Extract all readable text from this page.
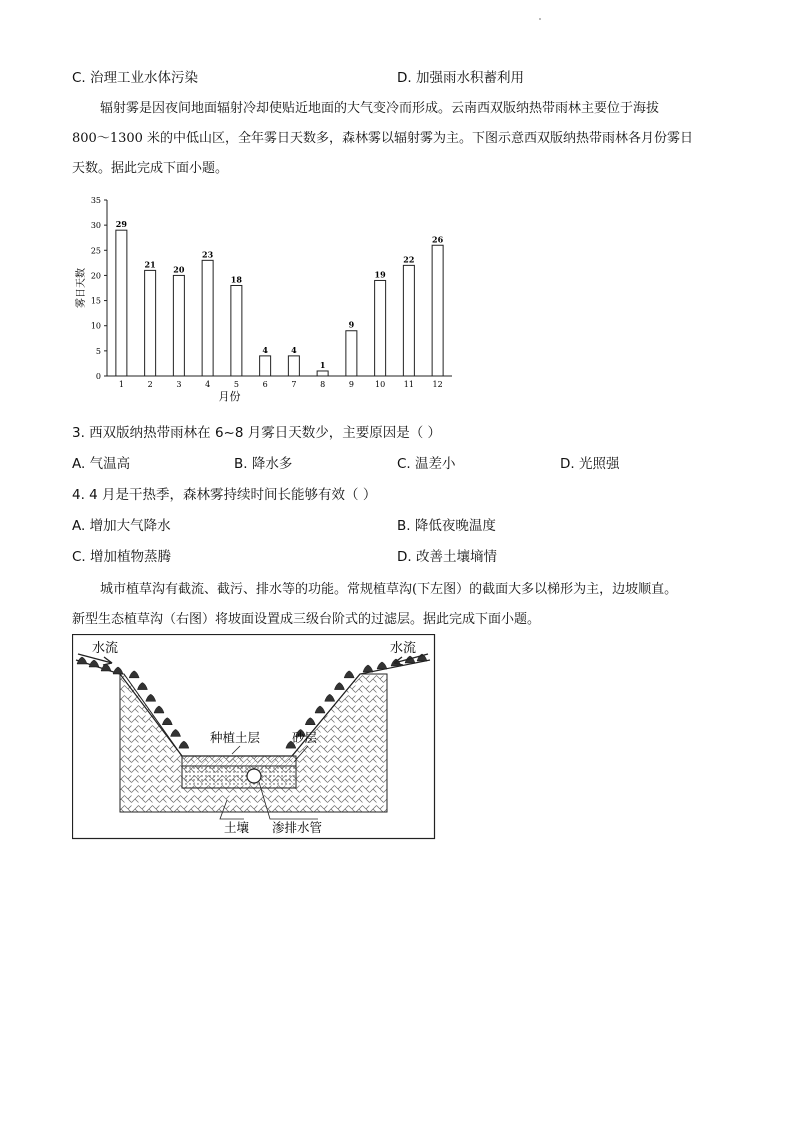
C. 治理工业水体污染	D. 加强雨水积蓄利用

辐射雾是因夜间地面辐射冷却使贴近地面的大气变冷而形成。云南西双版纳热带雨林主要位于海拔

800～1300 米的中低山区，全年雾日天数多，森林雾以辐射雾为主。下图示意西双版纳热带雨林各月份雾日

天数。据此完成下面小题。

0
5
10
15
20
25
30
35
29
1
21
2
20
3
23
4
18
5
4
6
4
7
1
8
9
9
19
10
22
11
26
12
月份
雾日天数
3. 西双版纳热带雨林在 6~8 月雾日天数少，主要原因是（ ）
A. 气温高	B. 降水多	C. 温差小	D. 光照强
4. 4 月是干热季，森林雾持续时间长能够有效（ ）
A. 增加大气降水	B. 降低夜晚温度
C. 增加植物蒸腾	D. 改善土壤墒情

城市植草沟有截流、截污、排水等的功能。常规植草沟(下左图）的截面大多以梯形为主，边坡顺直。

新型生态植草沟（右图）将坡面设置成三级台阶式的过滤层。据此完成下面小题。

水流	水流
种植土层	砂层
土壤 渗排水管
